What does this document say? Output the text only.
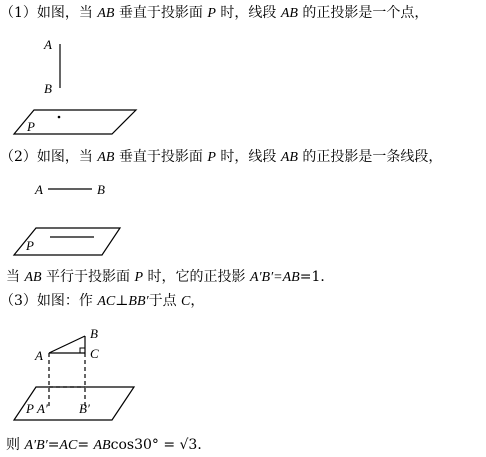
（1）如图，当 AB 垂直于投影面 P 时，线段 AB 的正投影是一个点，
（2）如图，当 AB 垂直于投影面 P 时，线段 AB 的正投影是一条线段，
当 AB 平行于投影面 P 时，它的正投影 A′B′=AB=1．
（3）如图：作 AC⊥BB′于点 C，
则 A′B′=AC= ABcos30° = √3．
A
B
P
A	B
P
A
B
C
P A′ B′
